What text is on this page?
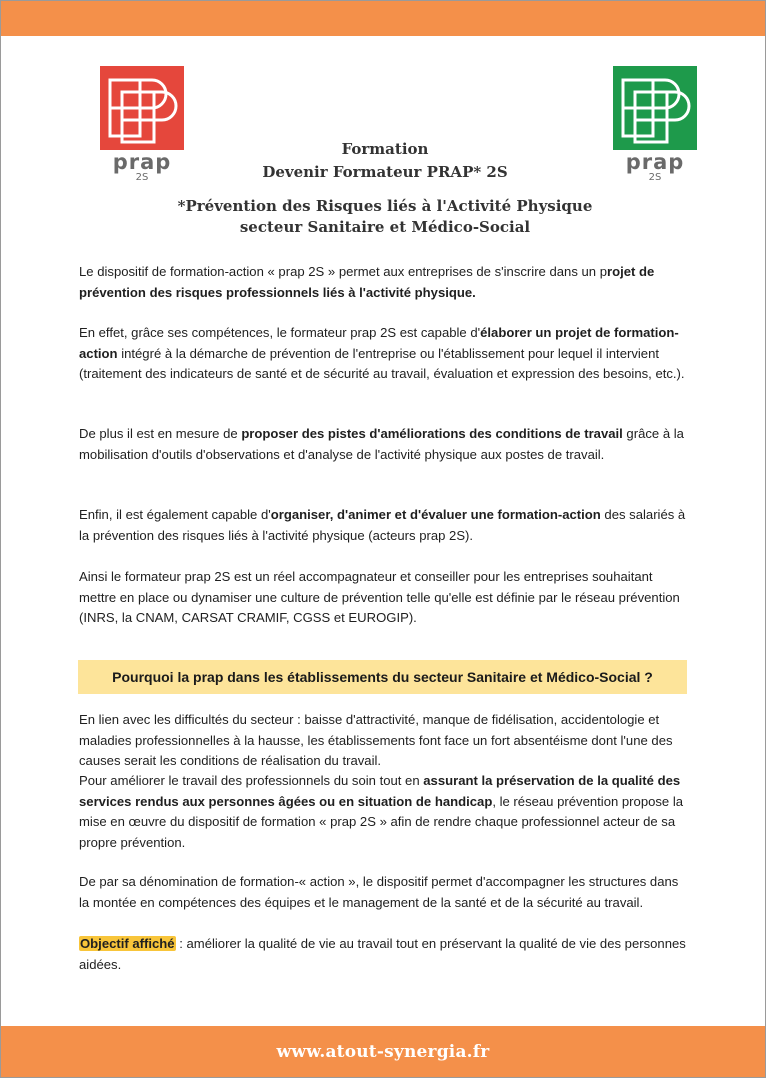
prap
2S
prap
2S
Formation
Devenir Formateur PRAP* 2S
*Prévention des Risques liés à l'Activité Physique
secteur Sanitaire et Médico-Social

Le dispositif de formation-action « prap 2S » permet aux entreprises de s'inscrire dans un projet de prévention des risques professionnels liés à l'activité physique.

En effet, grâce ses compétences, le formateur prap 2S est capable d'élaborer un projet de formation-action intégré à la démarche de prévention de l'entreprise ou l'établissement pour lequel il intervient (traitement des indicateurs de santé et de sécurité au travail, évaluation et expression des besoins, etc.).

De plus il est en mesure de proposer des pistes d'améliorations des conditions de travail grâce à la mobilisation d'outils d'observations et d'analyse de l'activité physique aux postes de travail.

Enfin, il est également capable d'organiser, d'animer et d'évaluer une formation-action des salariés à la prévention des risques liés à l'activité physique (acteurs prap 2S).

Ainsi le formateur prap 2S est un réel accompagnateur et conseiller pour les entreprises souhaitant mettre en place ou dynamiser une culture de prévention telle qu'elle est définie par le réseau prévention (INRS, la CNAM, CARSAT CRAMIF, CGSS et EUROGIP).

Pourquoi la prap dans les établissements du secteur Sanitaire et Médico-Social ?

En lien avec les difficultés du secteur : baisse d'attractivité, manque de fidélisation, accidentologie et maladies professionnelles à la hausse, les établissements font face un fort absentéisme dont l'une des causes serait les conditions de réalisation du travail.

Pour améliorer le travail des professionnels du soin tout en assurant la préservation de la qualité des services rendus aux personnes âgées ou en situation de handicap, le réseau prévention propose la mise en œuvre du dispositif de formation « prap 2S » afin de rendre chaque professionnel acteur de sa propre prévention.

De par sa dénomination de formation-« action », le dispositif permet d'accompagner les structures dans la montée en compétences des équipes et le management de la santé et de la sécurité au travail.

Objectif affiché : améliorer la qualité de vie au travail tout en préservant la qualité de vie des personnes aidées.

www.atout-synergia.fr
